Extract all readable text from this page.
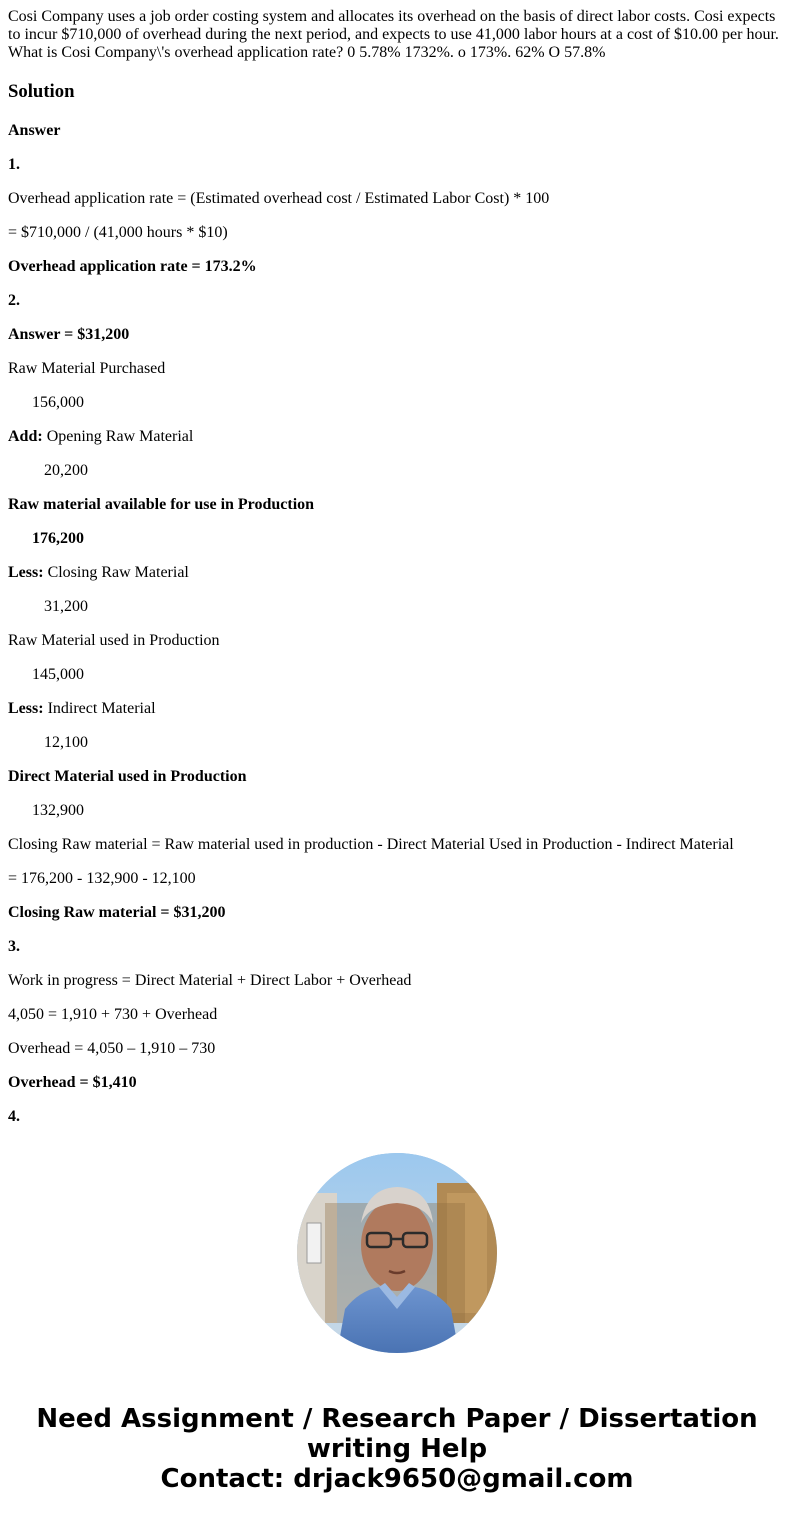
Cosi Company uses a job order costing system and allocates its overhead on the basis of direct labor costs. Cosi expects to incur $710,000 of overhead during the next period, and expects to use 41,000 labor hours at a cost of $10.00 per hour. What is Cosi Company\'s overhead application rate? 0 5.78% 1732%. o 173%. 62% O 57.8%

Solution
Answer
1.
Overhead application rate = (Estimated overhead cost / Estimated Labor Cost) * 100
= $710,000 / (41,000 hours * $10)
Overhead application rate = 173.2%
2.
Answer = $31,200
Raw Material Purchased
156,000
Add: Opening Raw Material
20,200
Raw material available for use in Production
176,200
Less: Closing Raw Material
31,200
Raw Material used in Production
145,000
Less: Indirect Material
12,100
Direct Material used in Production
132,900
Closing Raw material = Raw material used in production - Direct Material Used in Production - Indirect Material
= 176,200 - 132,900 - 12,100
Closing Raw material = $31,200
3.
Work in progress = Direct Material + Direct Labor + Overhead
4,050 = 1,910 + 730 + Overhead
Overhead = 4,050 – 1,910 – 730
Overhead = $1,410
4.
Need Assignment / Research Paper / Dissertation
writing Help
Contact: drjack9650@gmail.com
